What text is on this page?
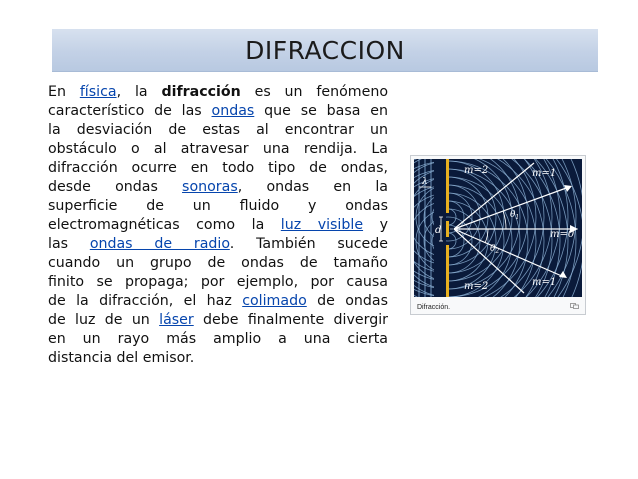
DIFRACCION
En física, la difracción es un fenómeno
característico de las ondas que se basa en
la desviación de estas al encontrar un
obstáculo o al atravesar una rendija. La
difracción ocurre en todo tipo de ondas,
desde ondas sonoras, ondas en la
superficie de un fluido y ondas
electromagnéticas como la luz visible y
las ondas de radio. También sucede
cuando un grupo de ondas de tamaño
finito se propaga; por ejemplo, por causa
de la difracción, el haz colimado de ondas
de luz de un láser debe finalmente divergir
en un rayo más amplio a una cierta
distancia del emisor.
m=2	m=1
m=0
m=1
m=2
λ
d
$\theta_1$
$\theta_2$
Difracción.
